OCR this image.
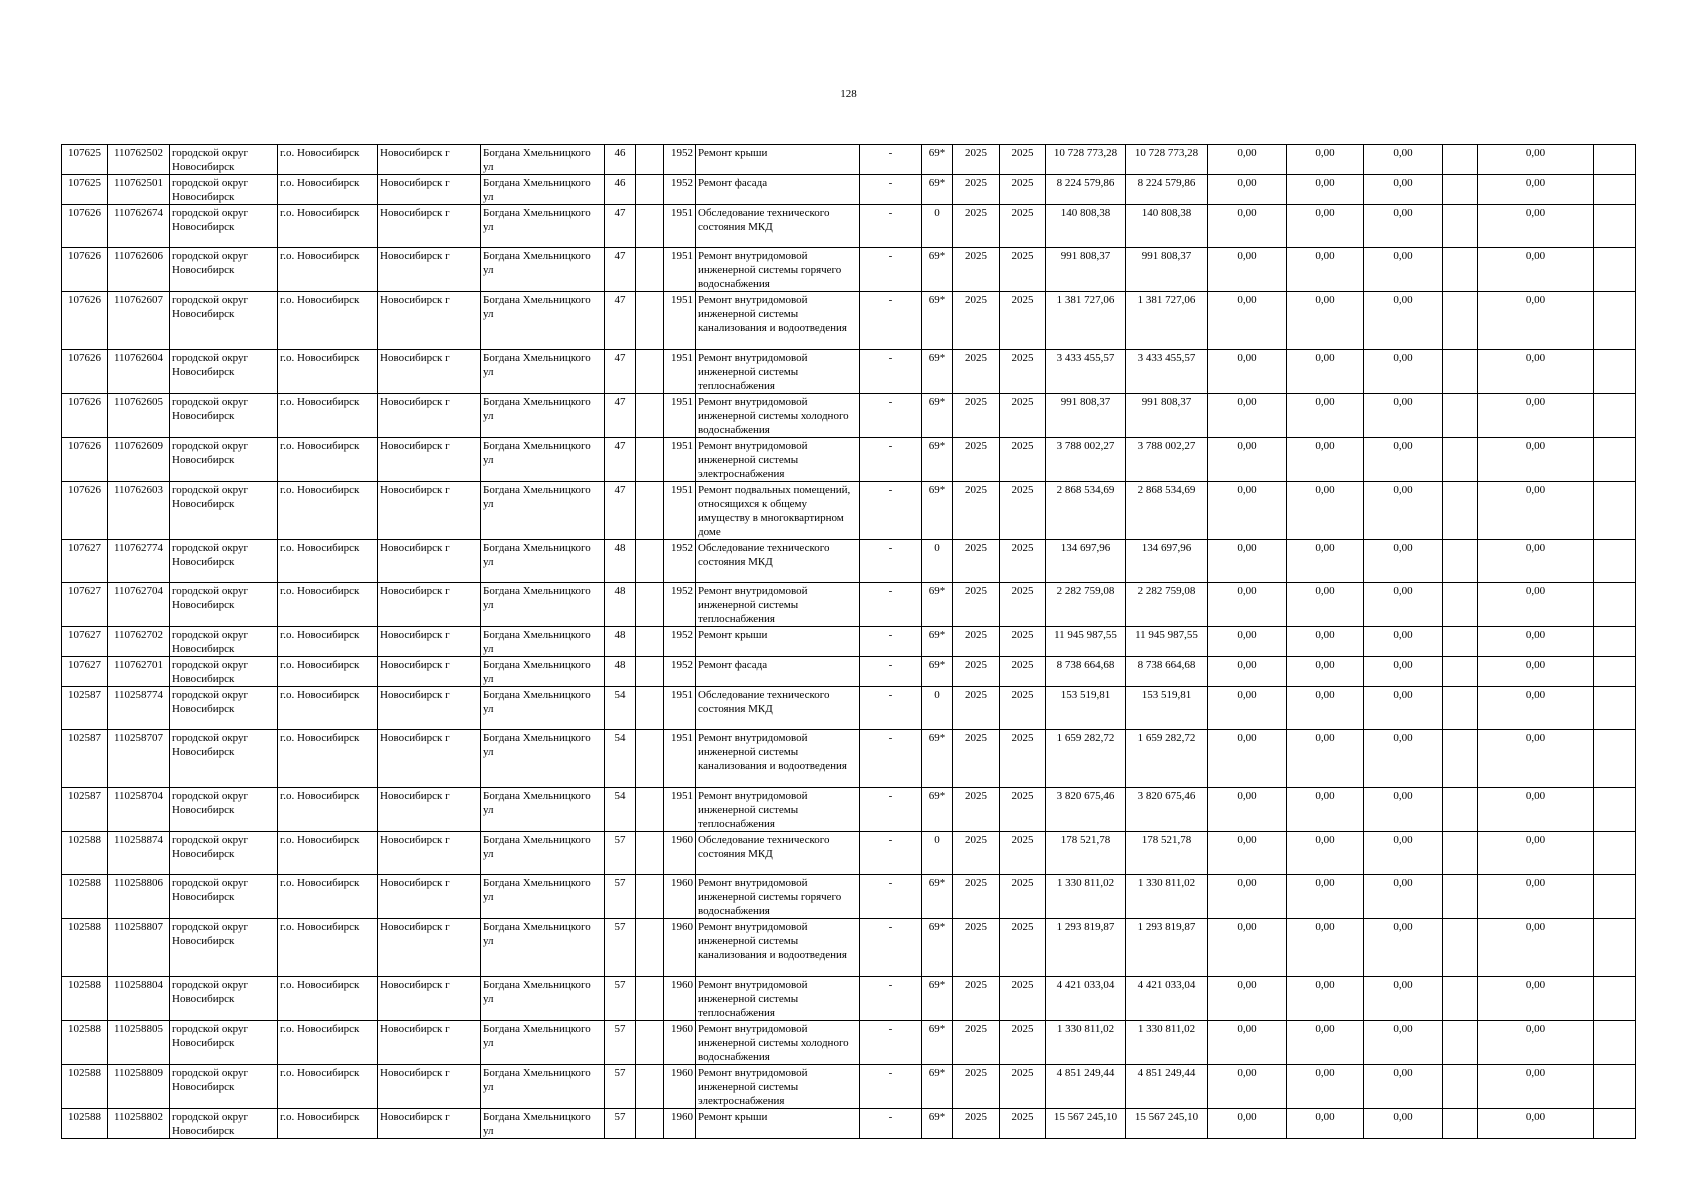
128
107625	110762502	городской округ Новосибирск	г.о. Новосибирск	Новосибирск г	Богдана Хмельницкого ул	46		1952	Ремонт крыши	-	69*	2025	2025	10 728 773,28	10 728 773,28	0,00	0,00	0,00		0,00	
107625	110762501	городской округ Новосибирск	г.о. Новосибирск	Новосибирск г	Богдана Хмельницкого ул	46		1952	Ремонт фасада	-	69*	2025	2025	8 224 579,86	8 224 579,86	0,00	0,00	0,00		0,00	
107626	110762674	городской округ Новосибирск	г.о. Новосибирск	Новосибирск г	Богдана Хмельницкого ул	47		1951	Обследование технического состояния МКД	-	0	2025	2025	140 808,38	140 808,38	0,00	0,00	0,00		0,00	
107626	110762606	городской округ Новосибирск	г.о. Новосибирск	Новосибирск г	Богдана Хмельницкого ул	47		1951	Ремонт внутридомовой инженерной системы горячего водоснабжения	-	69*	2025	2025	991 808,37	991 808,37	0,00	0,00	0,00		0,00	
107626	110762607	городской округ Новосибирск	г.о. Новосибирск	Новосибирск г	Богдана Хмельницкого ул	47		1951	Ремонт внутридомовой инженерной системы канализования и водоотведения	-	69*	2025	2025	1 381 727,06	1 381 727,06	0,00	0,00	0,00		0,00	
107626	110762604	городской округ Новосибирск	г.о. Новосибирск	Новосибирск г	Богдана Хмельницкого ул	47		1951	Ремонт внутридомовой инженерной системы теплоснабжения	-	69*	2025	2025	3 433 455,57	3 433 455,57	0,00	0,00	0,00		0,00	
107626	110762605	городской округ Новосибирск	г.о. Новосибирск	Новосибирск г	Богдана Хмельницкого ул	47		1951	Ремонт внутридомовой инженерной системы холодного водоснабжения	-	69*	2025	2025	991 808,37	991 808,37	0,00	0,00	0,00		0,00	
107626	110762609	городской округ Новосибирск	г.о. Новосибирск	Новосибирск г	Богдана Хмельницкого ул	47		1951	Ремонт внутридомовой инженерной системы электроснабжения	-	69*	2025	2025	3 788 002,27	3 788 002,27	0,00	0,00	0,00		0,00	
107626	110762603	городской округ Новосибирск	г.о. Новосибирск	Новосибирск г	Богдана Хмельницкого ул	47		1951	Ремонт подвальных помещений, относящихся к общему имуществу в многоквартирном доме	-	69*	2025	2025	2 868 534,69	2 868 534,69	0,00	0,00	0,00		0,00	
107627	110762774	городской округ Новосибирск	г.о. Новосибирск	Новосибирск г	Богдана Хмельницкого ул	48		1952	Обследование технического состояния МКД	-	0	2025	2025	134 697,96	134 697,96	0,00	0,00	0,00		0,00	
107627	110762704	городской округ Новосибирск	г.о. Новосибирск	Новосибирск г	Богдана Хмельницкого ул	48		1952	Ремонт внутридомовой инженерной системы теплоснабжения	-	69*	2025	2025	2 282 759,08	2 282 759,08	0,00	0,00	0,00		0,00	
107627	110762702	городской округ Новосибирск	г.о. Новосибирск	Новосибирск г	Богдана Хмельницкого ул	48		1952	Ремонт крыши	-	69*	2025	2025	11 945 987,55	11 945 987,55	0,00	0,00	0,00		0,00	
107627	110762701	городской округ Новосибирск	г.о. Новосибирск	Новосибирск г	Богдана Хмельницкого ул	48		1952	Ремонт фасада	-	69*	2025	2025	8 738 664,68	8 738 664,68	0,00	0,00	0,00		0,00	
102587	110258774	городской округ Новосибирск	г.о. Новосибирск	Новосибирск г	Богдана Хмельницкого ул	54		1951	Обследование технического состояния МКД	-	0	2025	2025	153 519,81	153 519,81	0,00	0,00	0,00		0,00	
102587	110258707	городской округ Новосибирск	г.о. Новосибирск	Новосибирск г	Богдана Хмельницкого ул	54		1951	Ремонт внутридомовой инженерной системы канализования и водоотведения	-	69*	2025	2025	1 659 282,72	1 659 282,72	0,00	0,00	0,00		0,00	
102587	110258704	городской округ Новосибирск	г.о. Новосибирск	Новосибирск г	Богдана Хмельницкого ул	54		1951	Ремонт внутридомовой инженерной системы теплоснабжения	-	69*	2025	2025	3 820 675,46	3 820 675,46	0,00	0,00	0,00		0,00	
102588	110258874	городской округ Новосибирск	г.о. Новосибирск	Новосибирск г	Богдана Хмельницкого ул	57		1960	Обследование технического состояния МКД	-	0	2025	2025	178 521,78	178 521,78	0,00	0,00	0,00		0,00	
102588	110258806	городской округ Новосибирск	г.о. Новосибирск	Новосибирск г	Богдана Хмельницкого ул	57		1960	Ремонт внутридомовой инженерной системы горячего водоснабжения	-	69*	2025	2025	1 330 811,02	1 330 811,02	0,00	0,00	0,00		0,00	
102588	110258807	городской округ Новосибирск	г.о. Новосибирск	Новосибирск г	Богдана Хмельницкого ул	57		1960	Ремонт внутридомовой инженерной системы канализования и водоотведения	-	69*	2025	2025	1 293 819,87	1 293 819,87	0,00	0,00	0,00		0,00	
102588	110258804	городской округ Новосибирск	г.о. Новосибирск	Новосибирск г	Богдана Хмельницкого ул	57		1960	Ремонт внутридомовой инженерной системы теплоснабжения	-	69*	2025	2025	4 421 033,04	4 421 033,04	0,00	0,00	0,00		0,00	
102588	110258805	городской округ Новосибирск	г.о. Новосибирск	Новосибирск г	Богдана Хмельницкого ул	57		1960	Ремонт внутридомовой инженерной системы холодного водоснабжения	-	69*	2025	2025	1 330 811,02	1 330 811,02	0,00	0,00	0,00		0,00	
102588	110258809	городской округ Новосибирск	г.о. Новосибирск	Новосибирск г	Богдана Хмельницкого ул	57		1960	Ремонт внутридомовой инженерной системы электроснабжения	-	69*	2025	2025	4 851 249,44	4 851 249,44	0,00	0,00	0,00		0,00	
102588	110258802	городской округ Новосибирск	г.о. Новосибирск	Новосибирск г	Богдана Хмельницкого ул	57		1960	Ремонт крыши	-	69*	2025	2025	15 567 245,10	15 567 245,10	0,00	0,00	0,00		0,00	
